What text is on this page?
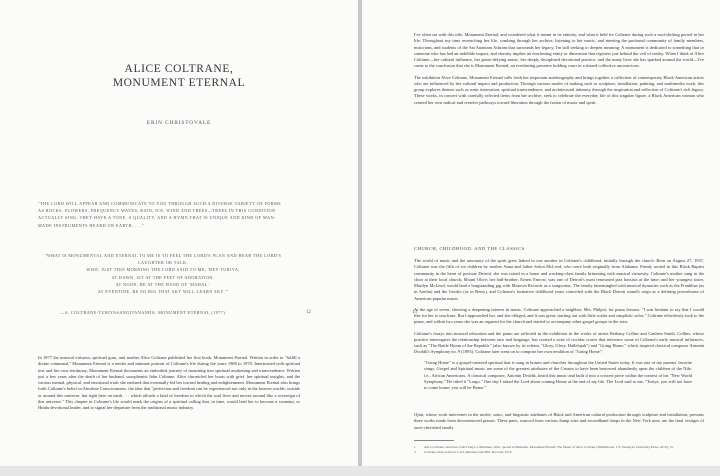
ALICE COLTRANE,
MONUMENT ETERNAL
ERIN CHRISTOVALE
"THE LORD WILL APPEAR AND COMMUNICATE TO YOU THROUGH SUCH A DIVERSE VARIETY OF FORMS AS ROCKS, FLOWERS, FREQUENCY WAVES, RAIN, ICE, WIND AND TREES—TREES IN THIS CONDITION ACTUALLY SING. THEY HAVE A TONE, A QUALITY, AND A HYMN THAT IS UNIQUE AND KIND OF MAN-MADE INSTRUMENTS HEARD ON EARTH. . . ."
"WHAT IS MONUMENTAL AND ETERNAL TO ME IS TO FEEL THE LORD'S PLAN AND HEAR THE LORD'S LAUGHTER OR TALK.
WISE, JUST THIS MORNING THE LORD SAID TO ME, 'HEY TURIYA,
AT DAWN, SIT AT THE FEET OF ADORATION.
AT NOON, BE AT THE HAND OF 'MAHAL.'
AT EVENTIDE, BE SO BIG THAT SKY WILL LEARN SKY.'"
—A. COLTRANE-TURIYASANGITANANDA, MONUMENT ETERNAL (1977)	12

In 1977 the musical virtuoso, spiritual guru, and mother Alice Coltrane published her first book, Monument Eternal. Written in order to "fulfill a divine command," Monument Eternal is a tender and intimate portrait of Coltrane's life during the years 1968 to 1970. Intertwined with spiritual text and her own testimony, Monument Eternal documents an embodied journey of mourning into spiritual awakening and transcendence. Written just a few years after the death of her husband, saxophonist John Coltrane, Alice chronicled her bouts with grief, her spiritual insights, and the various mental, physical, and emotional trials she endured that eventually led her toward healing and enlightenment. Monument Eternal also brings forth Coltrane's belief in Absolute Consciousness, the idea that "perfection and freedom can be experienced not only in the heaven worlds, outside or around this universe, but right here on earth . . . which affords a kind of freedom in which the soul lives and moves around like a sovereign of this universe." This chapter in Coltrane's life would mark the origins of a spiritual calling that, in time, would lead her to become a swamini, or Hindu devotional leader, and to signal her departure from the traditional music industry.

13

I've often sat with this title, Monument Eternal, and wondered what it meant in its entirety, and what it held for Coltrane during such a soul-shifting period in her life. Throughout my time researching her life, combing through her archive, listening to her music, and meeting the profound community of family members, musicians, and students of the Sai Anantam Ashram that surrounds her legacy, I'm still seeking to deepen meaning: A monument is dedicated to something that or someone who has had an indelible impact, and eternity implies an everlasting entity or dimension that registers just behind the veil of reality. When I think of Alice Coltrane—her cultural influence, her genre-defying music, her deeply disciplined devotional practice, and the many lives she has sparked around the world—I've come to the conclusion that she is Monument Eternal, an everlasting presence holding court in a shared collective unconscious.

The exhibition Alice Coltrane, Monument Eternal calls forth her important autobiography and brings together a collection of contemporary Black American artists who are influenced by her cultural impact and production. Through various modes of making such as sculpture, installation, painting, and multimedia work, this group explores themes such as sonic innovation, spiritual transcendence, and architectural intimacy through the inspiration and reflection of Coltrane's rich legacy. These works, in concert with carefully selected items from her archive, seek to celebrate the everyday life of this singular figure, a Black American woman who created her own radical and creative pathways toward liberation through the fusion of music and spirit.

CHURCH, CHILDHOOD, AND THE CLASSICS

The world of music and the sanctuary of the spirit grew linked in one another in Coltrane's childhood, initially through the church. Born on August 27, 1937, Coltrane was the fifth of six children by mother Anna and father Solon McLeod, who were both originally from Alabama. Firmly rooted in this Black Baptist community in the heart of postwar Detroit, she was raised in a home and working-class family brimming with musical virtuosity. Coltrane's mother sang in the choir at their local church, Mount Olive; her half-brother, Ernest Farrow, was one of Detroit's most renowned jazz bassists at the time; and her youngest sister, Marilyn McLeod, would land a longstanding gig with Motown Records as a songwriter. The family intermingled with musical dynasties such as the Franklins (as in Aretha) and the Gordys (as in Berry), and Coltrane's formative childhood years coincided with the Black Detroit sound's reign as a defining powerhouse of American popular music.

At the age of seven, showing a deepening interest in music, Coltrane approached a neighbor, Mrs. Philpot, for piano lessons. "I was hesitant to say that I would like for her to teach me. But I approached her, and she obliged, and it was great, starting out with little scales and simplistic solos." Coltrane effortlessly took to the piano, and within two years she was an organist for the church and started to accompany other gospel groups in the area.

Coltrane's forays into musical education and the piano are reflected in the exhibition in the works of artists Bethany Collins and Cauleen Smith. Collins, whose practice interrogates the relationship between race and language, has created a suite of circular scores that reference some of Coltrane's early musical influences, such as "The Battle Hymn of the Republic" (also known by its refrain, "Glory, Glory, Hallelujah") and "Going Home," which inspired classical composer Antonín Dvořák's Symphony no. 9 (1893). Coltrane later went on to compose her own rendition of "Going Home":

"Going Home" is a gospel-oriented spiritual that is sung in homes and churches throughout the United States today. It was one of my parents' favorite songs. Gospel and Spiritual music are some of the greatest attributes of the Creator to have been bestowed abundantly upon the children of the Nile, i.e., African Americans. A classical composer, Antonín Dvořák, heard this music and built it into a concert piece within the context of his "New World Symphony." He titled it "Largo." One day I asked the Lord about coming Home at the end of my life. The Lord said to me, "Turiya, you will not have to come home; you will be Home."

Ojini, whose work intervenes in the tactile, sonic, and linguistic attributes of Black and American cultural production through sculpture and installation, presents three works made from deconstructed pianos. These parts, sourced from various dump sites and secondhand shops in the New York area, are the final vestiges of once-cherished family

1	Alice Coltrane, interview with Franya J. Berkman, 2001, quoted in Berkman, Monument Eternal: The Music of Alice Coltrane (Middletown, CT: Wesleyan University Press, 2010), 15.
2	Coltrane, liner notes for Lord, Impulse! and ABC Records, 1972.
